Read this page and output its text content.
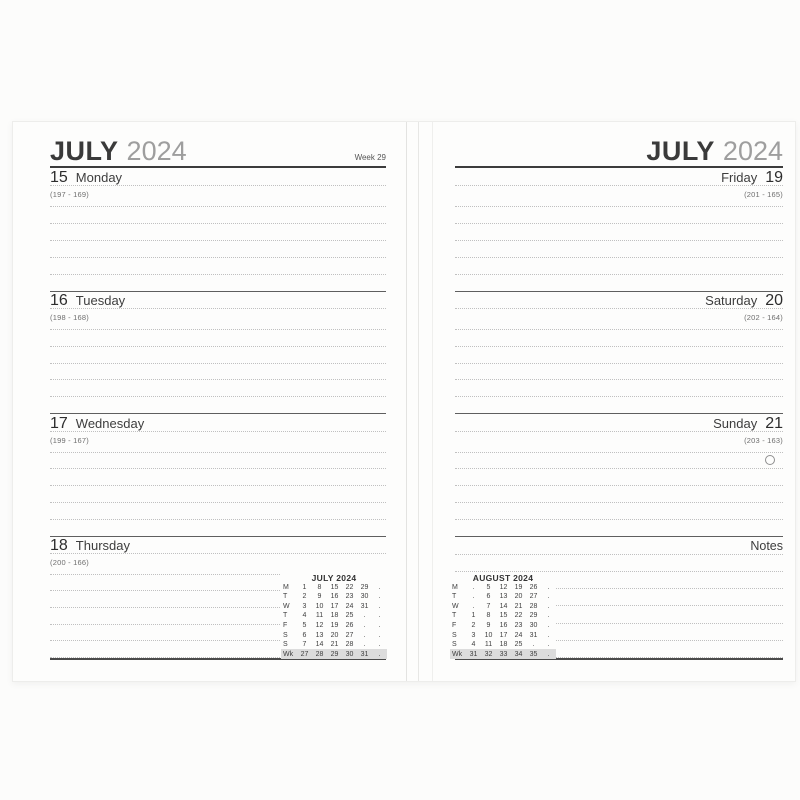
JULY 2024	Week 29
15 Monday
(197 - 169)
16 Tuesday
(198 - 168)
17 Wednesday
(199 - 167)
18 Thursday
(200 - 166)
JULY 2024
M	1	8	15	22	29	.
T	2	9	16	23	30	.
W	3	10	17	24	31	.
T	4	11	18	25	.	.
F	5	12	19	26	.	.
S	6	13	20	27	.	.
S	7	14	21	28	.	.
Wk	27	28	29	30	31	.
JULY 2024
Friday 19
(201 - 165)
Saturday 20
(202 - 164)
Sunday 21
(203 - 163)
Notes
AUGUST 2024
M	.	5	12	19	26	.
T	.	6	13	20	27	.
W	.	7	14	21	28	.
T	1	8	15	22	29	.
F	2	9	16	23	30	.
S	3	10	17	24	31	.
S	4	11	18	25	.	.
Wk	31	32	33	34	35	.
